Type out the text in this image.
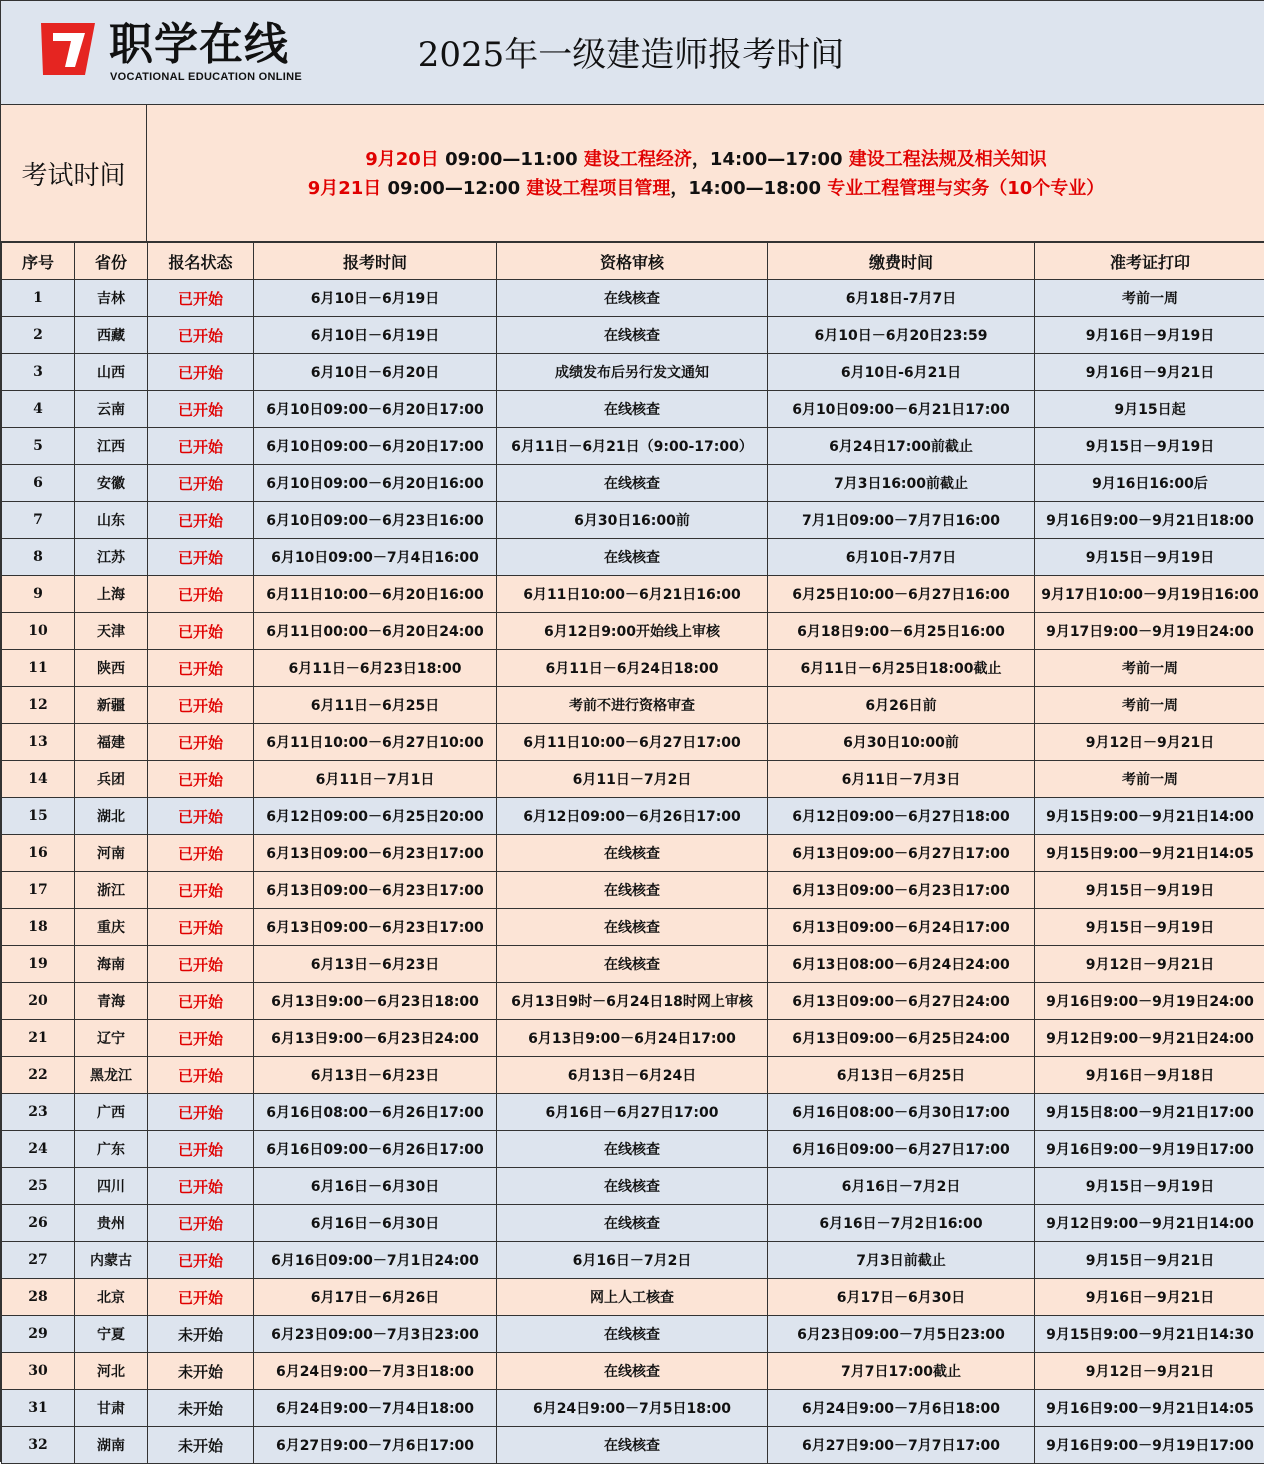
职学在线
VOCATIONAL EDUCATION ONLINE
2025年一级建造师报考时间
考试时间
9月20日 09:00—11:00 建设工程经济，14:00—17:00 建设工程法规及相关知识
9月21日 09:00—12:00 建设工程项目管理，14:00—18:00 专业工程管理与实务（10个专业）
序号	省份	报名状态	报考时间	资格审核	缴费时间	准考证打印
1	吉林	已开始	6月10日－6月19日	在线核查	6月18日-7月7日	考前一周
2	西藏	已开始	6月10日－6月19日	在线核查	6月10日－6月20日23:59	9月16日－9月19日
3	山西	已开始	6月10日－6月20日	成绩发布后另行发文通知	6月10日-6月21日	9月16日－9月21日
4	云南	已开始	6月10日09:00－6月20日17:00	在线核查	6月10日09:00－6月21日17:00	9月15日起
5	江西	已开始	6月10日09:00－6月20日17:00	6月11日－6月21日（9:00-17:00）	6月24日17:00前截止	9月15日－9月19日
6	安徽	已开始	6月10日09:00－6月20日16:00	在线核查	7月3日16:00前截止	9月16日16:00后
7	山东	已开始	6月10日09:00－6月23日16:00	6月30日16:00前	7月1日09:00－7月7日16:00	9月16日9:00－9月21日18:00
8	江苏	已开始	6月10日09:00－7月4日16:00	在线核查	6月10日-7月7日	9月15日－9月19日
9	上海	已开始	6月11日10:00－6月20日16:00	6月11日10:00－6月21日16:00	6月25日10:00－6月27日16:00	9月17日10:00－9月19日16:00
10	天津	已开始	6月11日00:00－6月20日24:00	6月12日9:00开始线上审核	6月18日9:00－6月25日16:00	9月17日9:00－9月19日24:00
11	陕西	已开始	6月11日－6月23日18:00	6月11日－6月24日18:00	6月11日－6月25日18:00截止	考前一周
12	新疆	已开始	6月11日－6月25日	考前不进行资格审查	6月26日前	考前一周
13	福建	已开始	6月11日10:00－6月27日10:00	6月11日10:00－6月27日17:00	6月30日10:00前	9月12日－9月21日
14	兵团	已开始	6月11日－7月1日	6月11日－7月2日	6月11日－7月3日	考前一周
15	湖北	已开始	6月12日09:00－6月25日20:00	6月12日09:00－6月26日17:00	6月12日09:00－6月27日18:00	9月15日9:00－9月21日14:00
16	河南	已开始	6月13日09:00－6月23日17:00	在线核查	6月13日09:00－6月27日17:00	9月15日9:00－9月21日14:05
17	浙江	已开始	6月13日09:00－6月23日17:00	在线核查	6月13日09:00－6月23日17:00	9月15日－9月19日
18	重庆	已开始	6月13日09:00－6月23日17:00	在线核查	6月13日09:00－6月24日17:00	9月15日－9月19日
19	海南	已开始	6月13日－6月23日	在线核查	6月13日08:00－6月24日24:00	9月12日－9月21日
20	青海	已开始	6月13日9:00－6月23日18:00	6月13日9时－6月24日18时网上审核	6月13日09:00－6月27日24:00	9月16日9:00－9月19日24:00
21	辽宁	已开始	6月13日9:00－6月23日24:00	6月13日9:00－6月24日17:00	6月13日09:00－6月25日24:00	9月12日9:00－9月21日24:00
22	黑龙江	已开始	6月13日－6月23日	6月13日－6月24日	6月13日－6月25日	9月16日－9月18日
23	广西	已开始	6月16日08:00－6月26日17:00	6月16日－6月27日17:00	6月16日08:00－6月30日17:00	9月15日8:00－9月21日17:00
24	广东	已开始	6月16日09:00－6月26日17:00	在线核查	6月16日09:00－6月27日17:00	9月16日9:00－9月19日17:00
25	四川	已开始	6月16日－6月30日	在线核查	6月16日－7月2日	9月15日－9月19日
26	贵州	已开始	6月16日－6月30日	在线核查	6月16日－7月2日16:00	9月12日9:00－9月21日14:00
27	内蒙古	已开始	6月16日09:00－7月1日24:00	6月16日－7月2日	7月3日前截止	9月15日－9月21日
28	北京	已开始	6月17日－6月26日	网上人工核查	6月17日－6月30日	9月16日－9月21日
29	宁夏	未开始	6月23日09:00－7月3日23:00	在线核查	6月23日09:00－7月5日23:00	9月15日9:00－9月21日14:30
30	河北	未开始	6月24日9:00－7月3日18:00	在线核查	7月7日17:00截止	9月12日－9月21日
31	甘肃	未开始	6月24日9:00－7月4日18:00	6月24日9:00－7月5日18:00	6月24日9:00－7月6日18:00	9月16日9:00－9月21日14:05
32	湖南	未开始	6月27日9:00－7月6日17:00	在线核查	6月27日9:00－7月7日17:00	9月16日9:00－9月19日17:00
